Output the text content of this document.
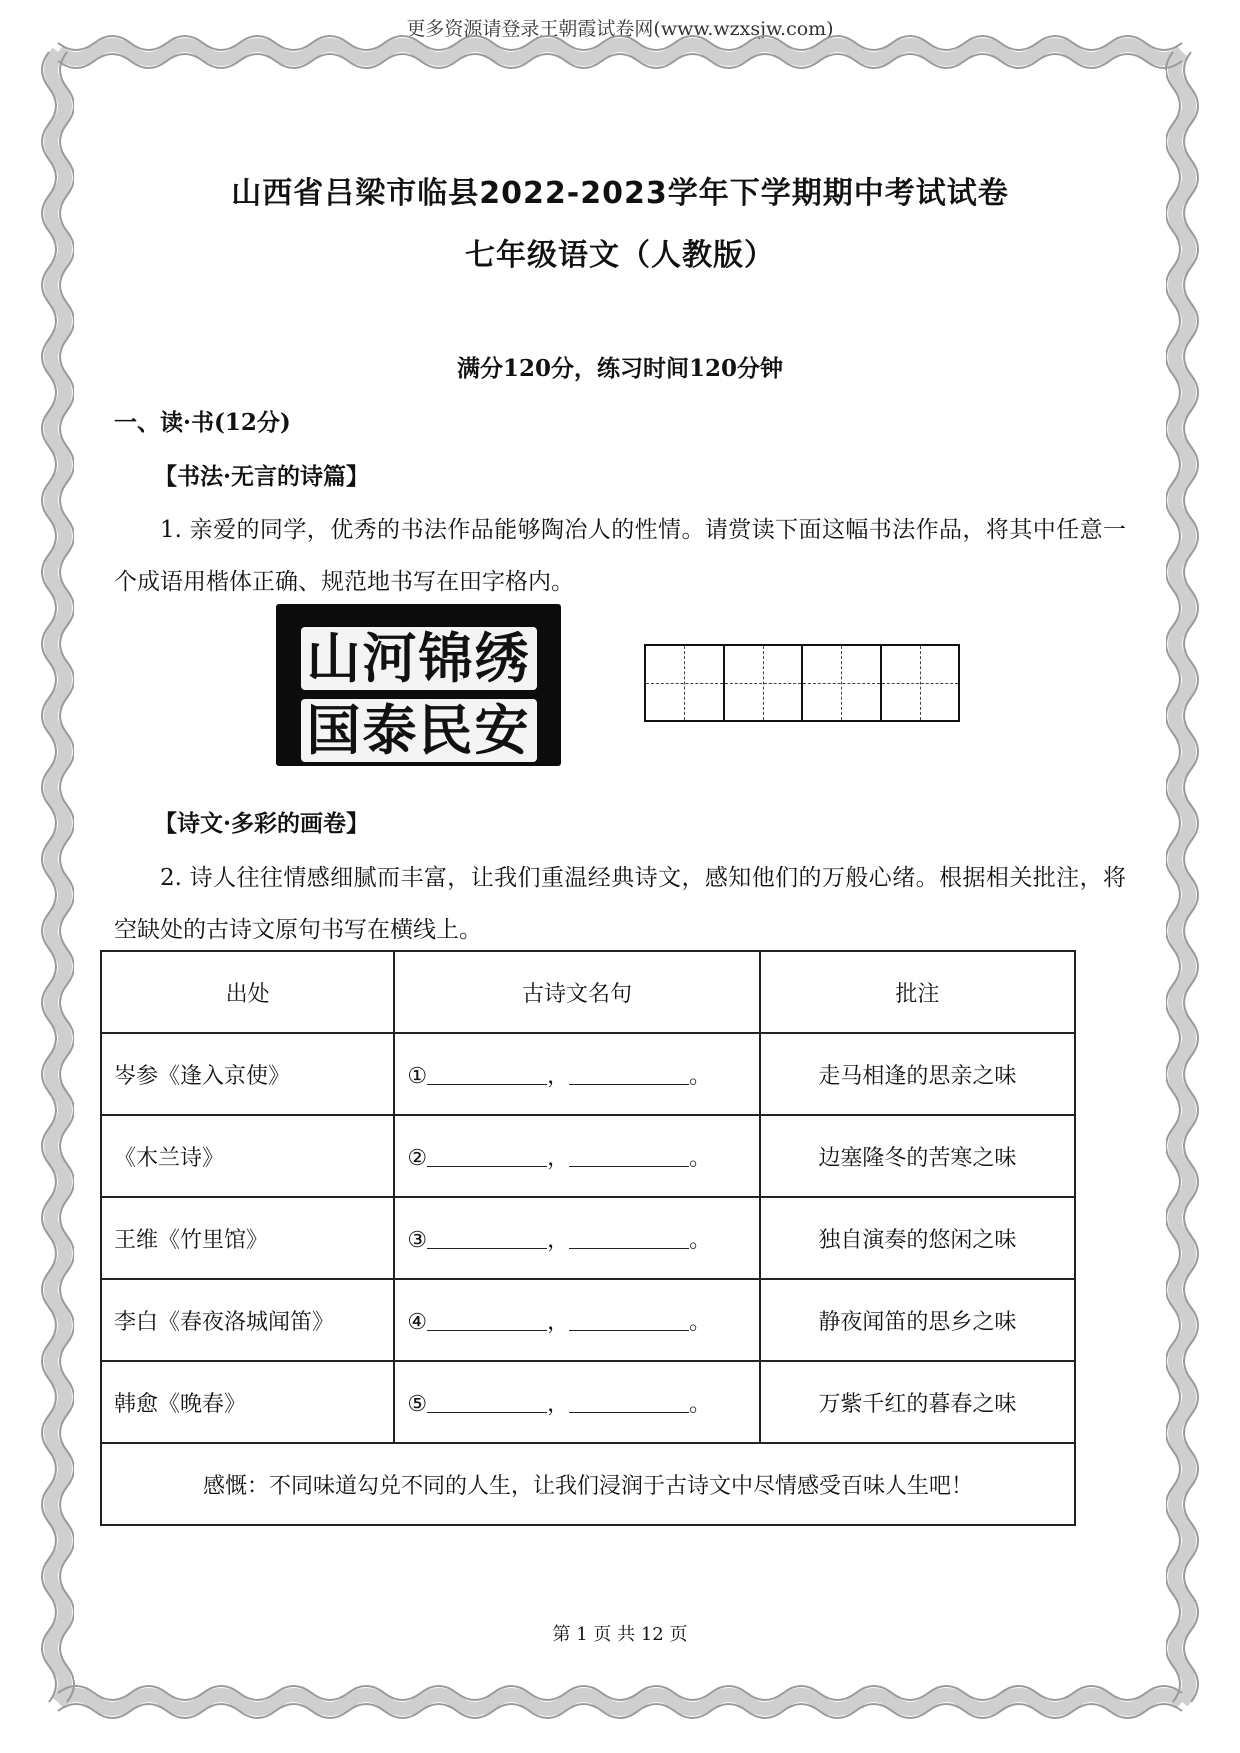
更多资源请登录王朝霞试卷网(www.wzxsjw.com)
山西省吕梁市临县2022-2023学年下学期期中考试试卷
七年级语文（人教版）
满分120分，练习时间120分钟
一、读·书(12分)
【书法·无言的诗篇】
1. 亲爱的同学，优秀的书法作品能够陶冶人的性情。请赏读下面这幅书法作品，将其中任意一个成语用楷体正确、规范地书写在田字格内。
山河锦绣
国泰民安
【诗文·多彩的画卷】
2. 诗人往往情感细腻而丰富，让我们重温经典诗文，感知他们的万般心绪。根据相关批注，将空缺处的古诗文原句书写在横线上。
出处	古诗文名句	批注
岑参《逢入京使》	① ， 。	走马相逢的思亲之味
《木兰诗》	② ， 。	边塞隆冬的苦寒之味
王维《竹里馆》	③ ， 。	独自演奏的悠闲之味
李白《春夜洛城闻笛》	④ ， 。	静夜闻笛的思乡之味
韩愈《晚春》	⑤ ， 。	万紫千红的暮春之味
感慨：不同味道勾兑不同的人生，让我们浸润于古诗文中尽情感受百味人生吧！		
第 1 页 共 12 页
